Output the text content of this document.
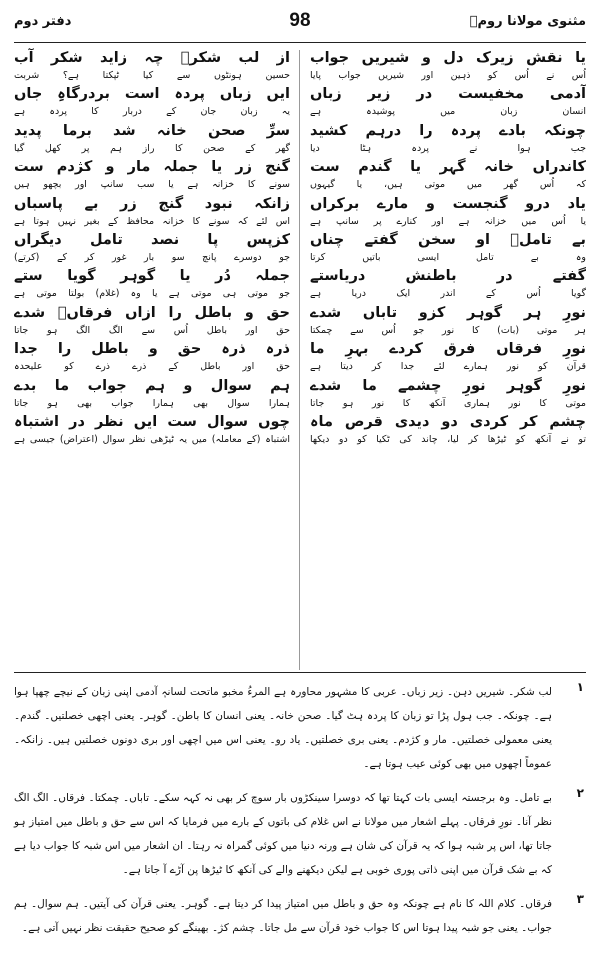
مثنوی مولانا رومؒ
98
دفتر دوم
یا نقش زیرک دل و شیریں جواب
اُس نے اُس کو ذہین اور شیریں جواب پایا
آدمی مخفیست در زیر زباں
انسان زبان میں پوشیدہ ہے
چونکہ بادے پردہ را درہم کشید
جب ہوا نے پردہ ہٹا دیا
کاندراں خانہ گہر یا گندم ست
کہ اُس گھر میں موتی ہیں، یا گیہوں
یاد درو گنجست و مارے برکراں
یا اُس میں خزانہ ہے اور کنارے پر سانپ ہے
بے تاملؔ او سخن گفتے چناں
وہ بے تامل ایسی باتیں کرتا
گفتے در باطنش دریاستے
گویا اُس کے اندر ایک دریا ہے
نورِ ہر گوہر کزو تاباں شدے
ہر موتی (بات) کا نور جو اُس سے چمکتا
نورِ فرقاں فرق کردے بہرِ ما
قرآن کو نور ہمارے لئے جدا کر دیتا ہے
نورِ گوہر نورِ چشمے ما شدے
موتی کا نور ہماری آنکھ کا نور ہو جاتا
چشم کر کردی دو دیدی قرص ماہ
تو نے آنکھ کو ٹیڑھا کر لیا، چاند کی ٹکیا کو دو دیکھا
از لب شکرؔ چہ زاید شکر آب
حسین ہونٹوں سے کیا ٹپکتا ہے؟ شربت
ایں زباں پردہ است بردرگاہِ جاں
یہ زبان جان کے دربار کا پردہ ہے
سرِّ صحن خانہ شد برما پدید
گھر کے صحن کا راز ہم پر کھل گیا
گنج زر یا جملہ مار و کژدم ست
سونے کا خزانہ ہے یا سب سانپ اور بچھو ہیں
زانکہ نبود گنج زر بے پاسباں
اس لئے کہ سونے کا خزانہ محافظ کے بغیر نہیں ہوتا ہے
کزپس پا نصد تامل دیگراں
جو دوسرے پانچ سو بار غور کر کے (کرتے)
جملہ دُر یا گوہر گویا ستے
جو موتی ہی موتی ہے یا وہ (غلام) بولتا موتی ہے
حق و باطل را ازاں فرقاںؔ شدے
حق اور باطل اُس سے الگ الگ ہو جاتا
ذرہ ذرہ حق و باطل را جدا
حق اور باطل کے ذرے ذرے کو علیحدہ
ہم سوال و ہم جواب ما بدے
ہمارا سوال بھی ہمارا جواب بھی ہو جاتا
چوں سوال ست ایں نظر در اشتباہ
اشتباہ (کے معاملہ) میں یہ ٹیڑھی نظر سوال (اعتراض) جیسی ہے
۱
لب شکر۔ شیریں دہن۔ زیر زباں۔ عربی کا مشہور محاورہ ہے المرءُ مخبو ماتحت لسانہٖ آدمی اپنی زبان کے نیچے چھپا ہوا ہے۔ چونکہ۔ جب ہول پڑا تو زبان کا پردہ ہٹ گیا۔ صحن خانہ۔ یعنی انسان کا باطن۔ گوہر۔ یعنی اچھی خصلتیں۔ گندم۔ یعنی معمولی خصلتیں۔ مار و کژدم۔ یعنی بری خصلتیں۔ یاد رو۔ یعنی اس میں اچھی اور بری دونوں خصلتیں ہیں۔ زانکہ۔ عموماً اچھوں میں بھی کوئی عیب ہوتا ہے۔
۲
بے تامل۔ وہ برجستہ ایسی بات کہتا تھا کہ دوسرا سینکڑوں بار سوچ کر بھی نہ کہہ سکے۔ تاباں۔ چمکتا۔ فرقاں۔ الگ الگ نظر آنا۔ نورِ فرقاں۔ پہلے اشعار میں مولانا نے اس غلام کی باتوں کے بارے میں فرمایا کہ اس سے حق و باطل میں امتیاز ہو جاتا تھا، اس پر شبہ ہوا کہ یہ قرآن کی شان ہے ورنہ دنیا میں کوئی گمراہ نہ رہتا۔ ان اشعار میں اس شبہ کا جواب دیا ہے کہ بے شک قرآن میں اپنی ذاتی پوری خوبی ہے لیکن دیکھنے والے کی آنکھ کا ٹیڑھا پن آڑے آ جاتا ہے۔
۳
فرقاں۔ کلام اللہ کا نام ہے چونکہ وہ حق و باطل میں امتیاز پیدا کر دیتا ہے۔ گوہر۔ یعنی قرآن کی آیتیں۔ ہم سوال۔ ہم جواب۔ یعنی جو شبہ پیدا ہوتا اس کا جواب خود قرآن سے مل جاتا۔ چشم کژ۔ بھینگے کو صحیح حقیقت نظر نہیں آتی ہے۔
